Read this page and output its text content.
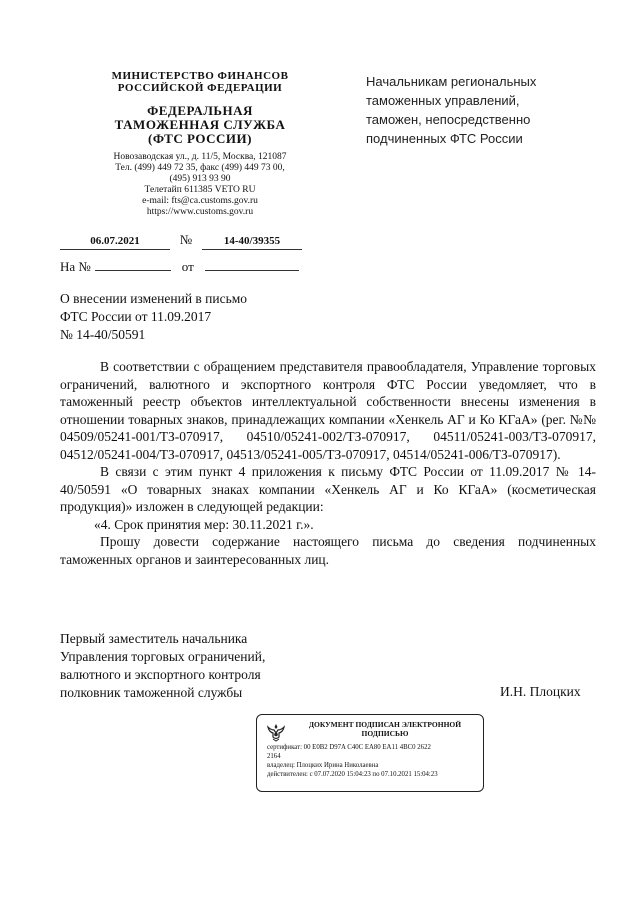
МИНИСТЕРСТВО ФИНАНСОВ
РОССИЙСКОЙ ФЕДЕРАЦИИ
ФЕДЕРАЛЬНАЯ
ТАМОЖЕННАЯ СЛУЖБА
(ФТС РОССИИ)
Новозаводская ул., д. 11/5, Москва, 121087
Тел. (499) 449 72 35, факс (499) 449 73 00,
(495) 913 93 90
Телетайп 611385 VETO RU
e-mail: fts@ca.customs.gov.ru
https://www.customs.gov.ru
06.07.2021	№	14-40/39355
На №	от
Начальникам региональных
таможенных управлений,
таможен, непосредственно
подчиненных ФТС России
О внесении изменений в письмо
ФТС России от 11.09.2017
№ 14-40/50591

В соответствии с обращением представителя правообладателя, Управление торговых ограничений, валютного и экспортного контроля ФТС России уведомляет, что в таможенный реестр объектов интеллектуальной собственности внесены изменения в отношении товарных знаков, принадлежащих компании «Хенкель АГ и Ко КГаА» (рег. №№ 04509/05241-001/ТЗ-070917, 04510/05241-002/ТЗ-070917, 04511/05241-003/ТЗ-070917, 04512/05241-004/ТЗ-070917, 04513/05241-005/ТЗ-070917, 04514/05241-006/ТЗ-070917).

В связи с этим пункт 4 приложения к письму ФТС России от 11.09.2017 № 14-40/50591 «О товарных знаках компании «Хенкель АГ и Ко КГаА» (косметическая продукция)» изложен в следующей редакции:

«4. Срок принятия мер: 30.11.2021 г.».

Прошу довести содержание настоящего письма до сведения подчиненных таможенных органов и заинтересованных лиц.

Первый заместитель начальника
Управления торговых ограничений,
валютного и экспортного контроля
полковник таможенной службы	И.Н. Плоцких
ДОКУМЕНТ ПОДПИСАН ЭЛЕКТРОННОЙ ПОДПИСЬЮ
сертификат: 00 E0B2 D97A C40C EA80 EA11 4BC0 2622
2164
владелец: Плоцких Ирина Николаевна
действителен: с 07.07.2020 15:04:23 по 07.10.2021 15:04:23
